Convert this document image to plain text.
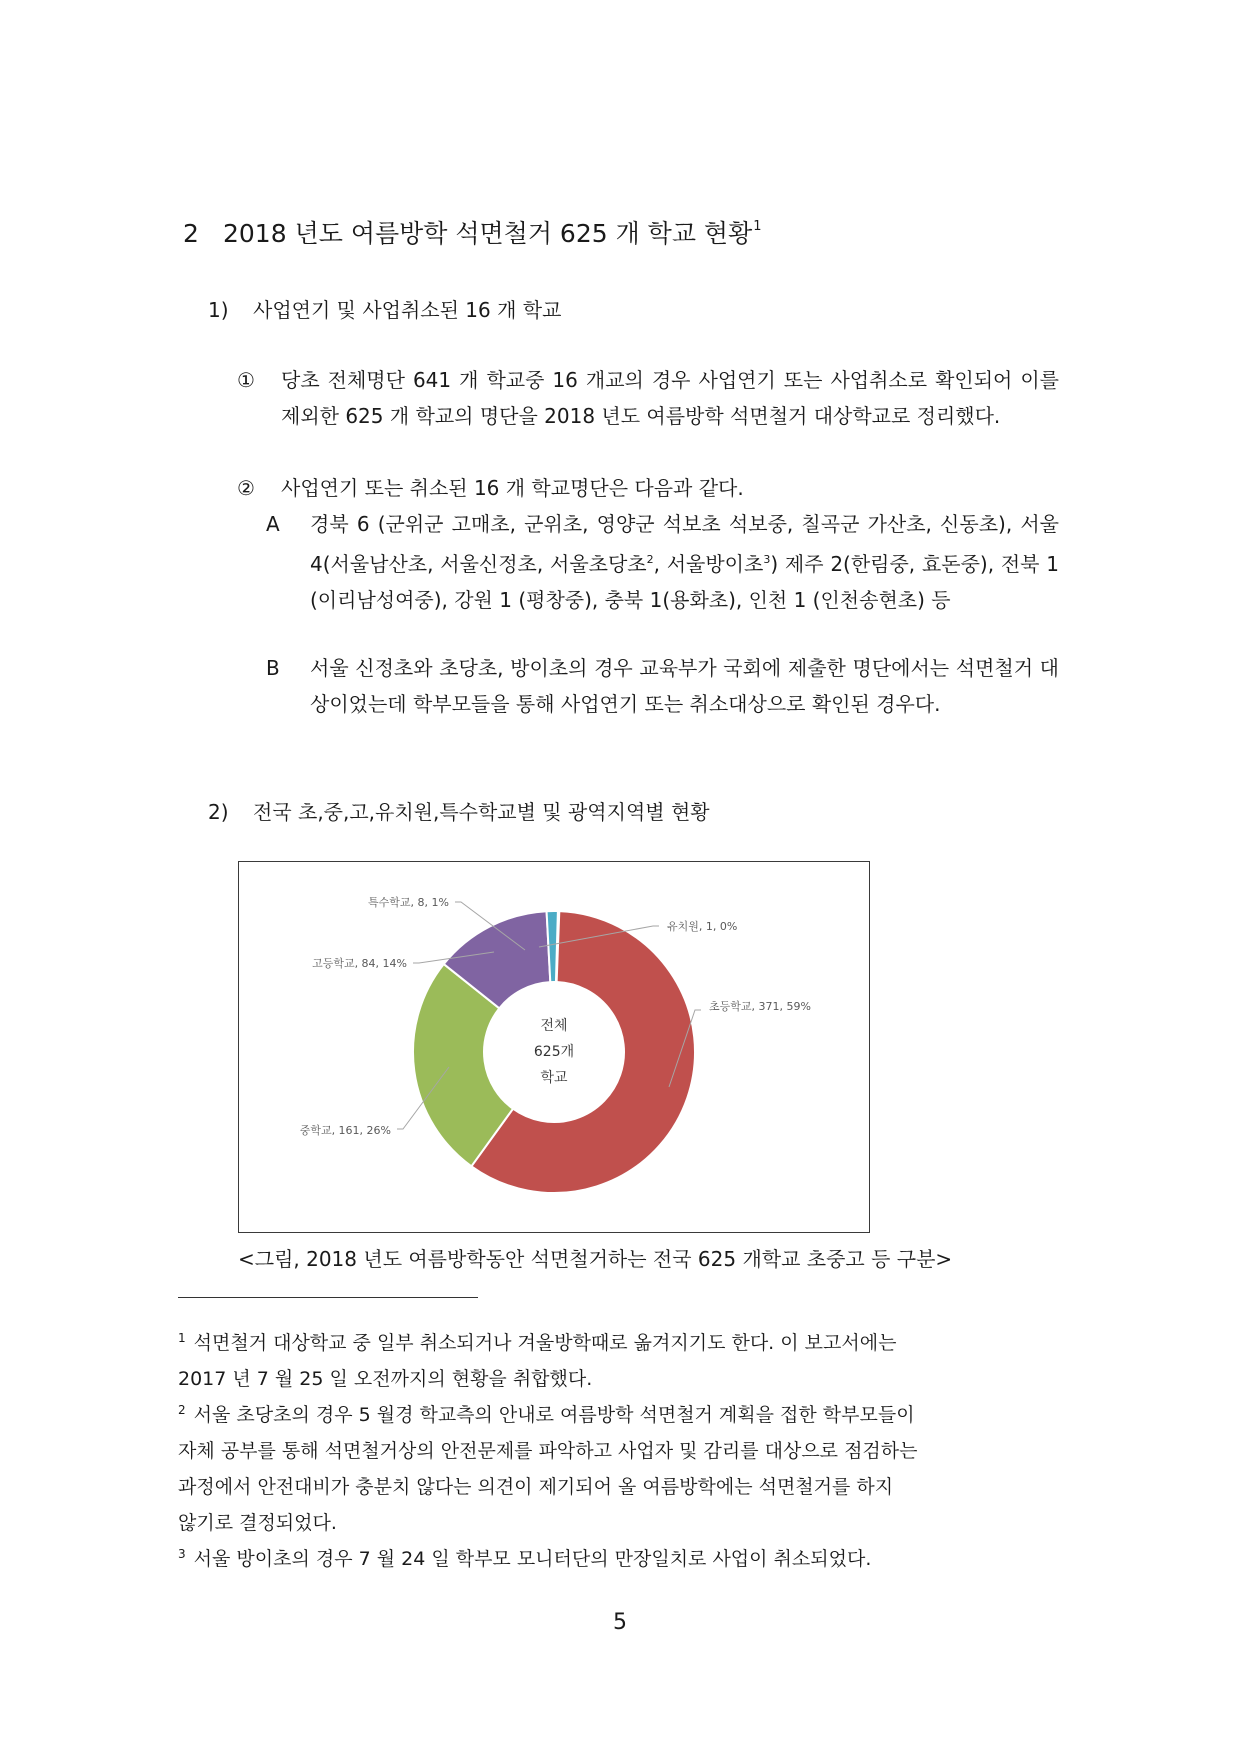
2 2018 년도 여름방학 석면철거 625 개 학교 현황$^1$
1) 사업연기 및 사업취소된 16 개 학교
① 당초 전체명단 641 개 학교중 16 개교의 경우 사업연기 또는 사업취소로 확인되어 이를 제외한 625 개 학교의 명단을 2018 년도 여름방학 석면철거 대상학교로 정리했다.
② 사업연기 또는 취소된 16 개 학교명단은 다음과 같다.
A 경북 6 (군위군 고매초, 군위초, 영양군 석보초 석보중, 칠곡군 가산초, 신동초), 서울 4(서울남산초, 서울신정초, 서울초당초$^2$, 서울방이초$^3$) 제주 2(한림중, 효돈중), 전북 1 (이리남성여중), 강원 1 (평창중), 충북 1(용화초), 인천 1 (인천송현초) 등
B 서울 신정초와 초당초, 방이초의 경우 교육부가 국회에 제출한 명단에서는 석면철거 대상이었는데 학부모들을 통해 사업연기 또는 취소대상으로 확인된 경우다.
2) 전국 초,중,고,유치원,특수학교별 및 광역지역별 현황
전체
625개
학교
초등학교, 371, 59%
중학교, 161, 26%
고등학교, 84, 14%
특수학교, 8, 1%
유치원, 1, 0%
<그림, 2018 년도 여름방학동안 석면철거하는 전국 625 개학교 초중고 등 구분>
$^1$ 석면철거 대상학교 중 일부 취소되거나 겨울방학때로 옮겨지기도 한다. 이 보고서에는
2017 년 7 월 25 일 오전까지의 현황을 취합했다.
$^2$ 서울 초당초의 경우 5 월경 학교측의 안내로 여름방학 석면철거 계획을 접한 학부모들이
자체 공부를 통해 석면철거상의 안전문제를 파악하고 사업자 및 감리를 대상으로 점검하는
과정에서 안전대비가 충분치 않다는 의견이 제기되어 올 여름방학에는 석면철거를 하지
않기로 결정되었다.
$^3$ 서울 방이초의 경우 7 월 24 일 학부모 모니터단의 만장일치로 사업이 취소되었다.
5
